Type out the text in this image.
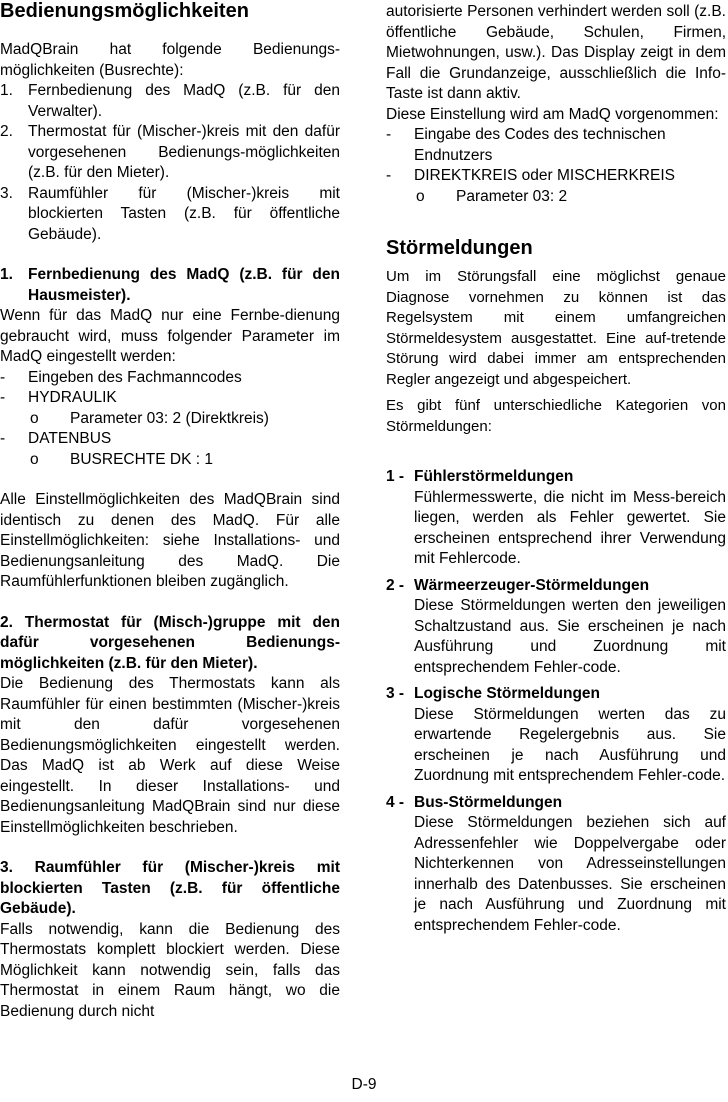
Bedienungsmöglichkeiten

MadQBrain hat folgende Bedienungs-möglichkeiten (Busrechte):

1. Fernbedienung des MadQ (z.B. für den Verwalter).
2. Thermostat für (Mischer-)kreis mit den dafür vorgesehenen Bedienungs-möglichkeiten (z.B. für den Mieter).
3. Raumfühler für (Mischer-)kreis mit blockierten Tasten (z.B. für öffentliche Gebäude).
1. Fernbedienung des MadQ (z.B. für den Hausmeister).

Wenn für das MadQ nur eine Fernbe-dienung gebraucht wird, muss folgender Parameter im MadQ eingestellt werden:

-	Eingeben des Fachmanncodes
-	HYDRAULIK
o	Parameter 03: 2 (Direktkreis)
-	DATENBUS
o	BUSRECHTE DK : 1

Alle Einstellmöglichkeiten des MadQBrain sind identisch zu denen des MadQ. Für alle Einstellmöglichkeiten: siehe Installations- und Bedienungsanleitung des MadQ. Die Raumfühlerfunktionen bleiben zugänglich.

2. Thermostat für (Misch-)gruppe mit den dafür vorgesehenen Bedienungs-möglichkeiten (z.B. für den Mieter).

Die Bedienung des Thermostats kann als Raumfühler für einen bestimmten (Mischer-)kreis mit den dafür vorgesehenen Bedienungsmöglichkeiten eingestellt werden. Das MadQ ist ab Werk auf diese Weise eingestellt. In dieser Installations- und Bedienungsanleitung MadQBrain sind nur diese Einstellmöglichkeiten beschrieben.

3. Raumfühler für (Mischer-)kreis mit blockierten Tasten (z.B. für öffentliche Gebäude).

Falls notwendig, kann die Bedienung des Thermostats komplett blockiert werden. Diese Möglichkeit kann notwendig sein, falls das Thermostat in einem Raum hängt, wo die Bedienung durch nicht

autorisierte Personen verhindert werden soll (z.B. öffentliche Gebäude, Schulen, Firmen, Mietwohnungen, usw.). Das Display zeigt in dem Fall die Grundanzeige, ausschließlich die Info-Taste ist dann aktiv.

Diese Einstellung wird am MadQ vorgenommen:

-	Eingabe des Codes des technischen Endnutzers
-	DIREKTKREIS oder MISCHERKREIS
o	Parameter 03: 2
Störmeldungen

Um im Störungsfall eine möglichst genaue Diagnose vornehmen zu können ist das Regelsystem mit einem umfangreichen Störmeldesystem ausgestattet. Eine auf-tretende Störung wird dabei immer am entsprechenden Regler angezeigt und abgespeichert.

Es gibt fünf unterschiedliche Kategorien von Störmeldungen:

1 - Fühlerstörmeldungen

Fühlermesswerte, die nicht im Mess-bereich liegen, werden als Fehler gewertet. Sie erscheinen entsprechend ihrer Verwendung mit Fehlercode.

2 - Wärmeerzeuger-Störmeldungen

Diese Störmeldungen werten den jeweiligen Schaltzustand aus. Sie erscheinen je nach Ausführung und Zuordnung mit entsprechendem Fehler-code.

3 - Logische Störmeldungen

Diese Störmeldungen werten das zu erwartende Regelergebnis aus. Sie erscheinen je nach Ausführung und Zuordnung mit entsprechendem Fehler-code.

4 - Bus-Störmeldungen

Diese Störmeldungen beziehen sich auf Adressenfehler wie Doppelvergabe oder Nichterkennen von Adresseinstellungen innerhalb des Datenbusses. Sie erscheinen je nach Ausführung und Zuordnung mit entsprechendem Fehler-code.

D-9
